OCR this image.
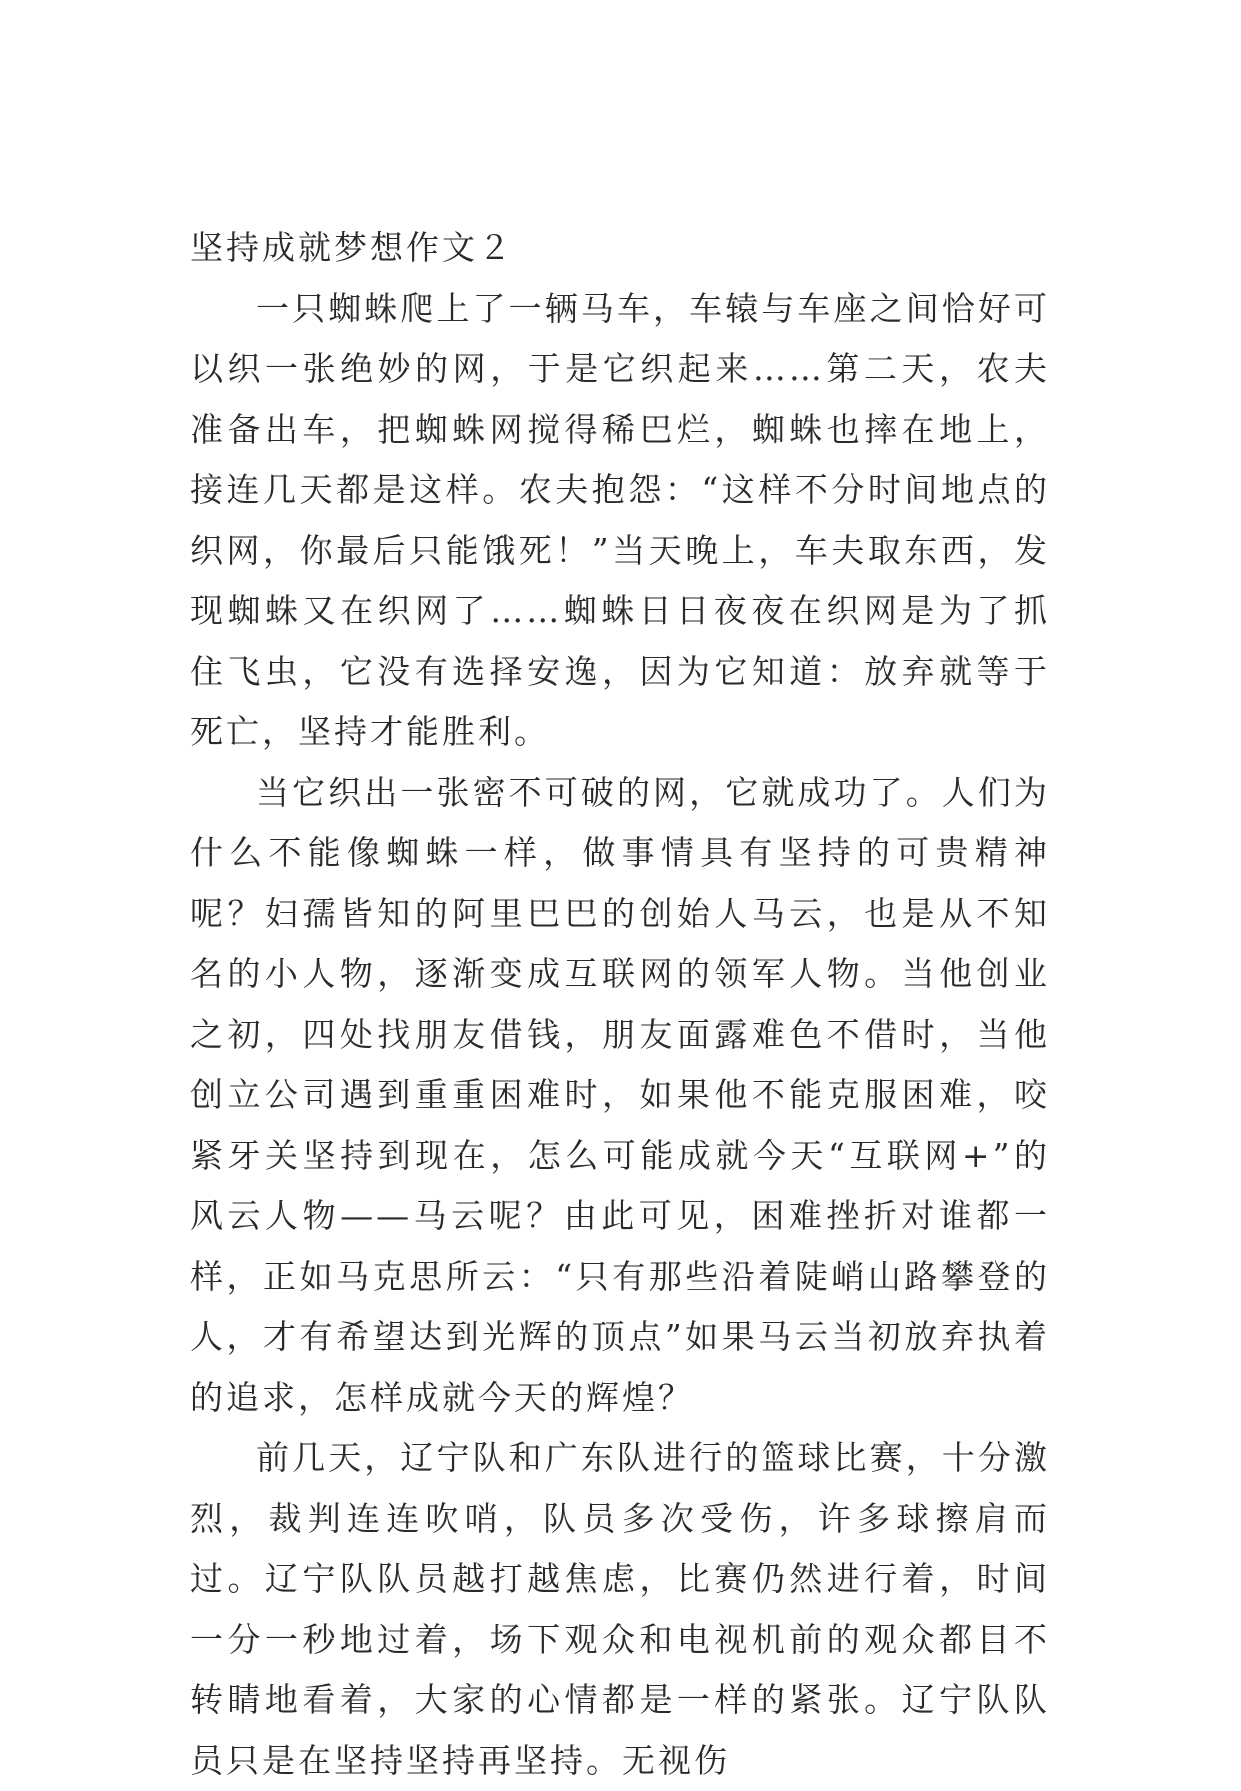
坚持成就梦想作文２

一只蜘蛛爬上了一辆马车，车辕与车座之间恰好可以织一张绝妙的网，于是它织起来……第二天，农夫准备出车，把蜘蛛网搅得稀巴烂，蜘蛛也摔在地上，接连几天都是这样。农夫抱怨：“这样不分时间地点的织网，你最后只能饿死！”当天晚上，车夫取东西，发现蜘蛛又在织网了……蜘蛛日日夜夜在织网是为了抓住飞虫，它没有选择安逸，因为它知道：放弃就等于死亡，坚持才能胜利。

当它织出一张密不可破的网，它就成功了。人们为什么不能像蜘蛛一样，做事情具有坚持的可贵精神呢？妇孺皆知的阿里巴巴的创始人马云，也是从不知名的小人物，逐渐变成互联网的领军人物。当他创业之初，四处找朋友借钱，朋友面露难色不借时，当他创立公司遇到重重困难时，如果他不能克服困难，咬紧牙关坚持到现在，怎么可能成就今天“互联网+”的风云人物——马云呢？由此可见，困难挫折对谁都一样，正如马克思所云：“只有那些沿着陡峭山路攀登的人，才有希望达到光辉的顶点”如果马云当初放弃执着的追求，怎样成就今天的辉煌？

前几天，辽宁队和广东队进行的篮球比赛，十分激烈，裁判连连吹哨，队员多次受伤，许多球擦肩而过。辽宁队队员越打越焦虑，比赛仍然进行着，时间一分一秒地过着，场下观众和电视机前的观众都目不转睛地看着，大家的心情都是一样的紧张。辽宁队队员只是在坚持坚持再坚持。无视伤
